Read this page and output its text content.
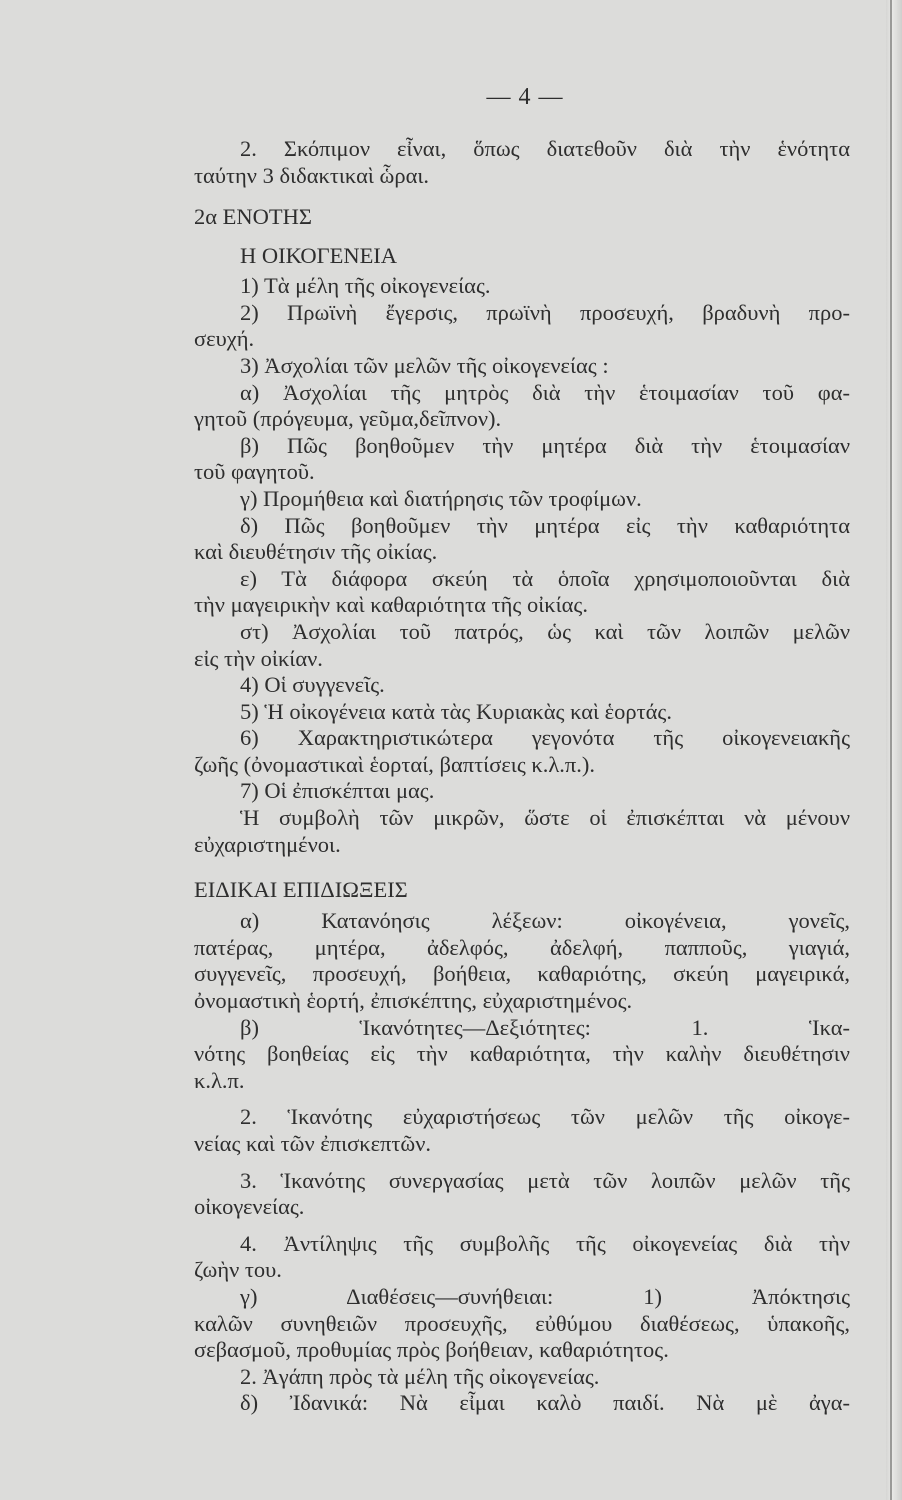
— 4 —
2. Σκόπιμον εἶναι, ὅπως διατεθοῦν διὰ τὴν ἑνότητα
ταύτην 3 διδακτικαὶ ὧραι.
2α ΕΝΟΤΗΣ
Η ΟΙΚΟΓΕΝΕΙΑ
1) Τὰ μέλη τῆς οἰκογενείας.
2) Πρωϊνὴ ἔγερσις, πρωϊνὴ προσευχή, βραδυνὴ προ-
σευχή.
3) Ἀσχολίαι τῶν μελῶν τῆς οἰκογενείας :
α) Ἀσχολίαι τῆς μητρὸς διὰ τὴν ἑτοιμασίαν τοῦ φα-
γητοῦ (πρόγευμα, γεῦμα,δεῖπνον).
β) Πῶς βοηθοῦμεν τὴν μητέρα διὰ τὴν ἑτοιμασίαν
τοῦ φαγητοῦ.
γ) Προμήθεια καὶ διατήρησις τῶν τροφίμων.
δ) Πῶς βοηθοῦμεν τὴν μητέρα εἰς τὴν καθαριότητα
καὶ διευθέτησιν τῆς οἰκίας.
ε) Τὰ διάφορα σκεύη τὰ ὁποῖα χρησιμοποιοῦνται διὰ
τὴν μαγειρικὴν καὶ καθαριότητα τῆς οἰκίας.
στ) Ἀσχολίαι τοῦ πατρός, ὡς καὶ τῶν λοιπῶν μελῶν
εἰς τὴν οἰκίαν.
4) Οἱ συγγενεῖς.
5) Ἡ οἰκογένεια κατὰ τὰς Κυριακὰς καὶ ἑορτάς.
6) Χαρακτηριστικώτερα γεγονότα τῆς οἰκογενειακῆς
ζωῆς (ὀνομαστικαὶ ἑορταί, βαπτίσεις κ.λ.π.).
7) Οἱ ἐπισκέπται μας.
Ἡ συμβολὴ τῶν μικρῶν, ὥστε οἱ ἐπισκέπται νὰ μένουν
εὐχαριστημένοι.
ΕΙΔΙΚΑΙ ΕΠΙΔΙΩΞΕΙΣ
α) Κατανόησις λέξεων: οἰκογένεια, γονεῖς,
πατέρας, μητέρα, ἀδελφός, ἀδελφή, παπποῦς, γιαγιά,
συγγενεῖς, προσευχή, βοήθεια, καθαριότης, σκεύη μαγειρικά,
ὀνομαστικὴ ἑορτή, ἐπισκέπτης, εὐχαριστημένος.
β) Ἱκανότητες—Δεξιότητες: 1. Ἱκα-
νότης βοηθείας εἰς τὴν καθαριότητα, τὴν καλὴν διευθέτησιν
κ.λ.π.
2. Ἱκανότης εὐχαριστήσεως τῶν μελῶν τῆς οἰκογε-
νείας καὶ τῶν ἐπισκεπτῶν.
3. Ἱκανότης συνεργασίας μετὰ τῶν λοιπῶν μελῶν τῆς
οἰκογενείας.
4. Ἀντίληψις τῆς συμβολῆς τῆς οἰκογενείας διὰ τὴν
ζωὴν του.
γ) Διαθέσεις—συνήθειαι: 1) Ἀπόκτησις
καλῶν συνηθειῶν προσευχῆς, εὐθύμου διαθέσεως, ὑπακοῆς,
σεβασμοῦ, προθυμίας πρὸς βοήθειαν, καθαριότητος.
2. Ἀγάπη πρὸς τὰ μέλη τῆς οἰκογενείας.
δ) Ἰδανικά: Νὰ εἶμαι καλὸ παιδί. Νὰ μὲ ἀγα-
